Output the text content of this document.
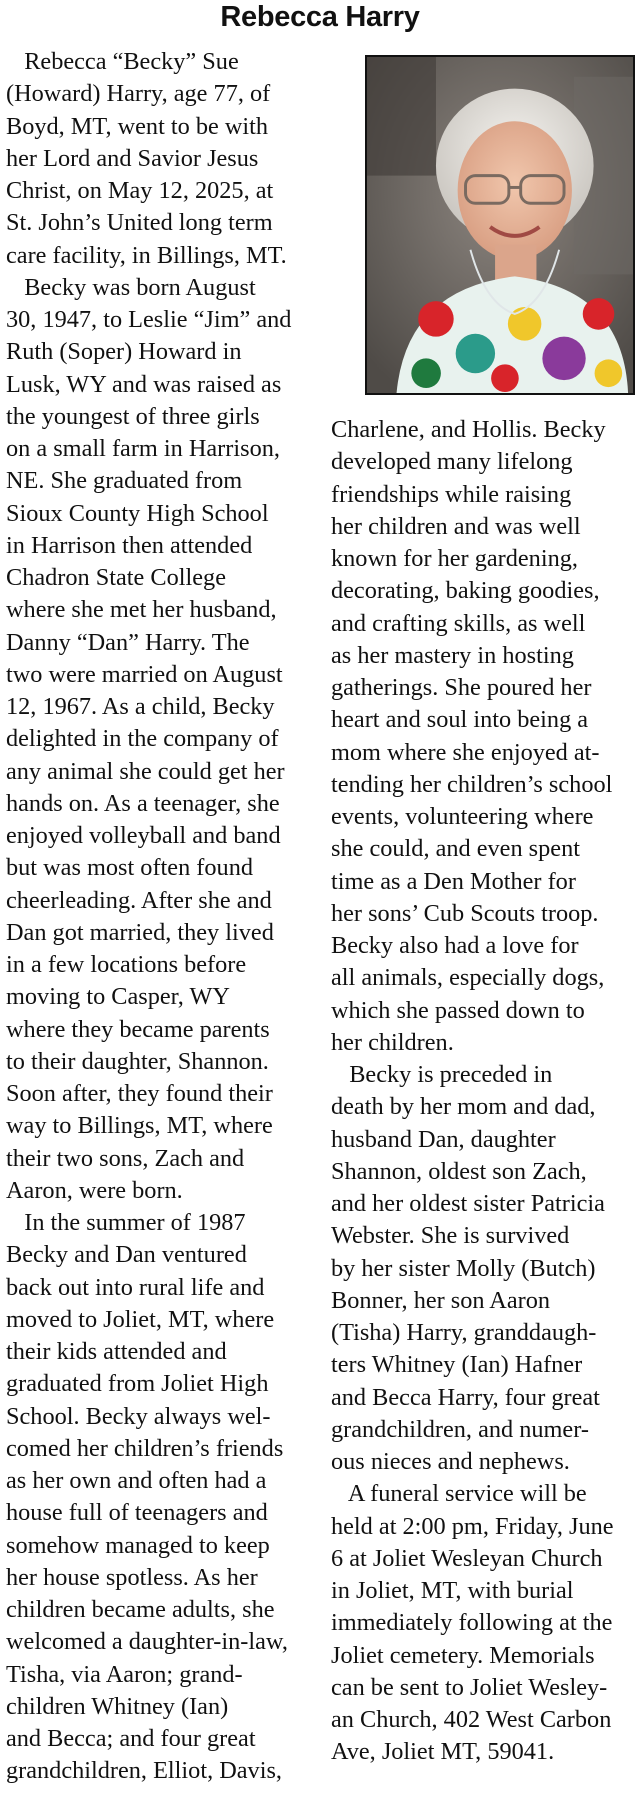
Rebecca Harry
Rebecca “Becky” Sue
(Howard) Harry, age 77, of
Boyd, MT, went to be with
her Lord and Savior Jesus
Christ, on May 12, 2025, at
St. John’s United long term
care facility, in Billings, MT.
Becky was born August
30, 1947, to Leslie “Jim” and
Ruth (Soper) Howard in
Lusk, WY and was raised as
the youngest of three girls
on a small farm in Harrison,
NE. She graduated from
Sioux County High School
in Harrison then attended
Chadron State College
where she met her husband,
Danny “Dan” Harry. The
two were married on August
12, 1967. As a child, Becky
delighted in the company of
any animal she could get her
hands on. As a teenager, she
enjoyed volleyball and band
but was most often found
cheerleading. After she and
Dan got married, they lived
in a few locations before
moving to Casper, WY
where they became parents
to their daughter, Shannon.
Soon after, they found their
way to Billings, MT, where
their two sons, Zach and
Aaron, were born.
In the summer of 1987
Becky and Dan ventured
back out into rural life and
moved to Joliet, MT, where
their kids attended and
graduated from Joliet High
School. Becky always wel-
comed her children’s friends
as her own and often had a
house full of teenagers and
somehow managed to keep
her house spotless. As her
children became adults, she
welcomed a daughter-in-law,
Tisha, via Aaron; grand-
children Whitney (Ian)
and Becca; and four great
grandchildren, Elliot, Davis,
Charlene, and Hollis. Becky
developed many lifelong
friendships while raising
her children and was well
known for her gardening,
decorating, baking goodies,
and crafting skills, as well
as her mastery in hosting
gatherings. She poured her
heart and soul into being a
mom where she enjoyed at-
tending her children’s school
events, volunteering where
she could, and even spent
time as a Den Mother for
her sons’ Cub Scouts troop.
Becky also had a love for
all animals, especially dogs,
which she passed down to
her children.
Becky is preceded in
death by her mom and dad,
husband Dan, daughter
Shannon, oldest son Zach,
and her oldest sister Patricia
Webster. She is survived
by her sister Molly (Butch)
Bonner, her son Aaron
(Tisha) Harry, granddaugh-
ters Whitney (Ian) Hafner
and Becca Harry, four great
grandchildren, and numer-
ous nieces and nephews.
A funeral service will be
held at 2:00 pm, Friday, June
6 at Joliet Wesleyan Church
in Joliet, MT, with burial
immediately following at the
Joliet cemetery. Memorials
can be sent to Joliet Wesley-
an Church, 402 West Carbon
Ave, Joliet MT, 59041.
